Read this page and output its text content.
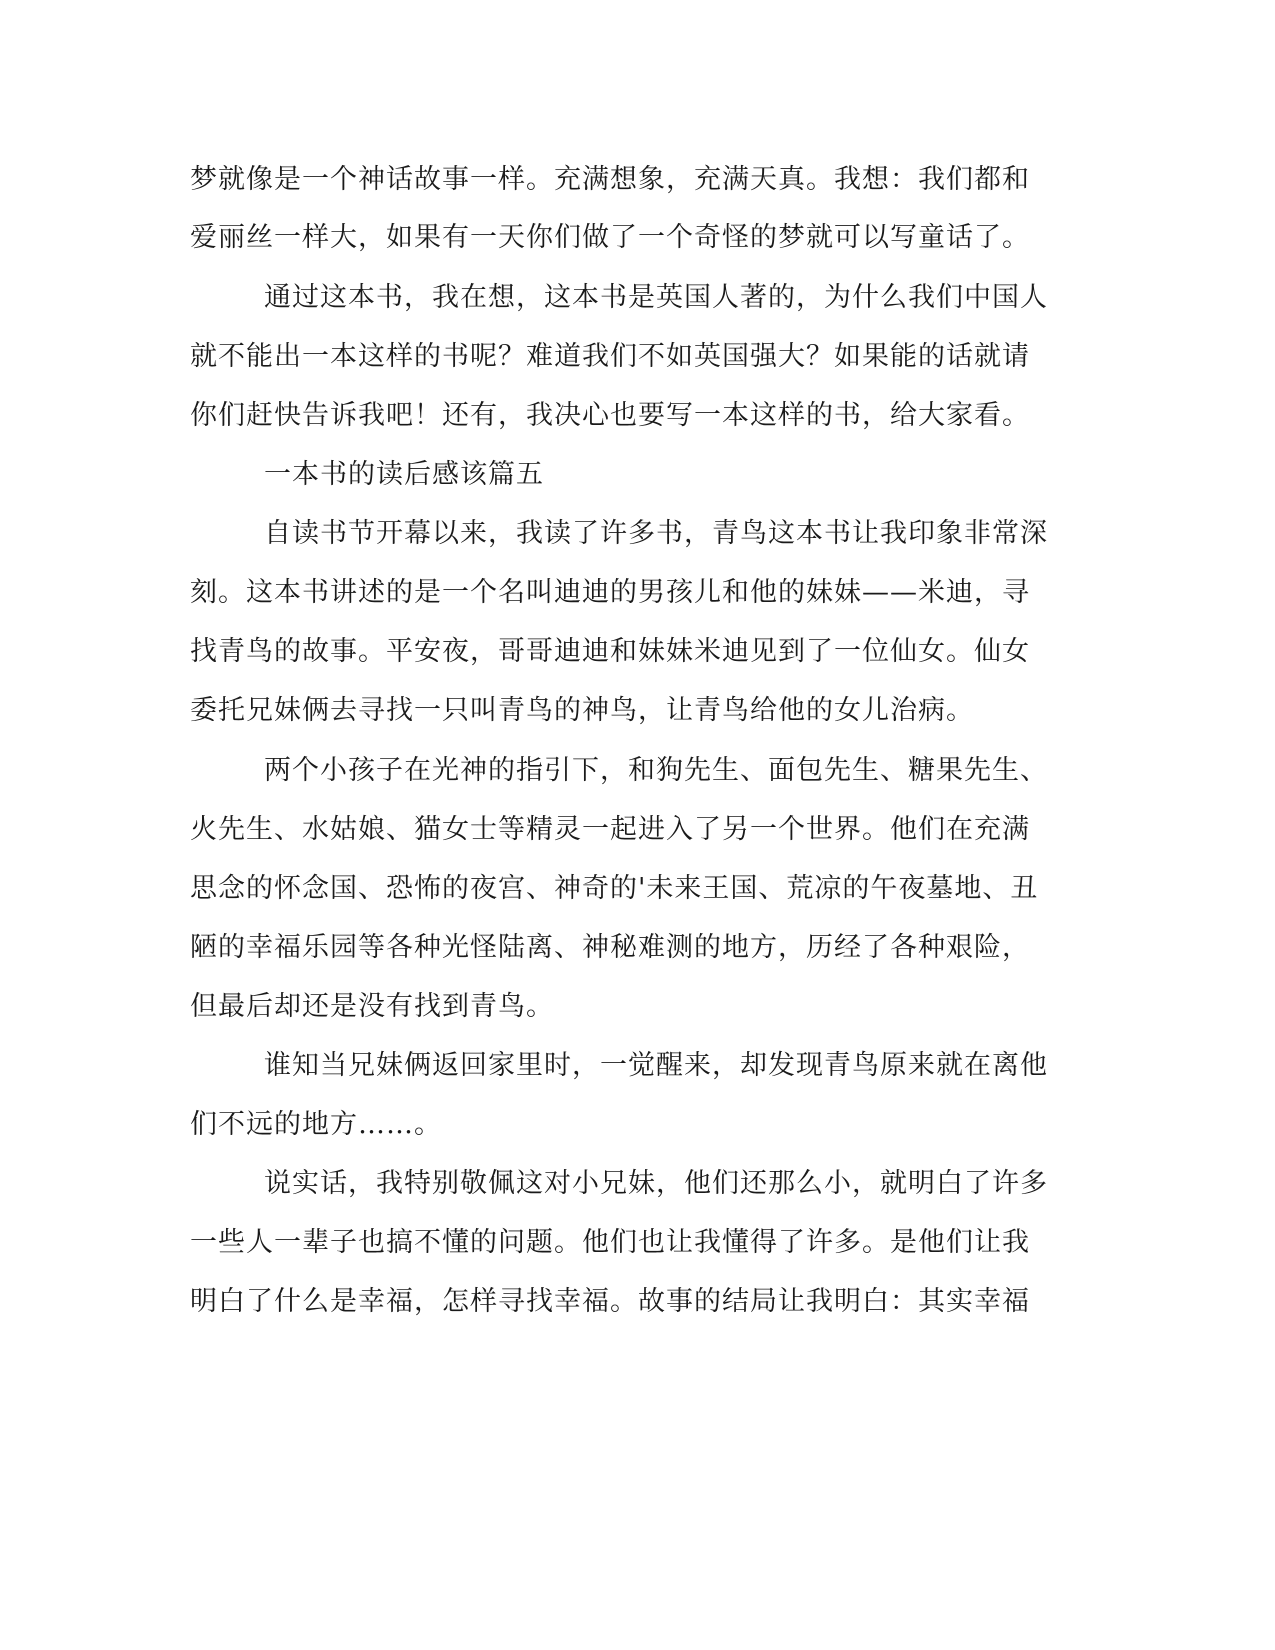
梦就像是一个神话故事一样。充满想象，充满天真。我想：我们都和
爱丽丝一样大，如果有一天你们做了一个奇怪的梦就可以写童话了。
通过这本书，我在想，这本书是英国人著的，为什么我们中国人
就不能出一本这样的书呢？难道我们不如英国强大？如果能的话就请
你们赶快告诉我吧！还有，我决心也要写一本这样的书，给大家看。
一本书的读后感该篇五
自读书节开幕以来，我读了许多书，青鸟这本书让我印象非常深
刻。这本书讲述的是一个名叫迪迪的男孩儿和他的妹妹——米迪，寻
找青鸟的故事。平安夜，哥哥迪迪和妹妹米迪见到了一位仙女。仙女
委托兄妹俩去寻找一只叫青鸟的神鸟，让青鸟给他的女儿治病。
两个小孩子在光神的指引下，和狗先生、面包先生、糖果先生、
火先生、水姑娘、猫女士等精灵一起进入了另一个世界。他们在充满
思念的怀念国、恐怖的夜宫、神奇的'未来王国、荒凉的午夜墓地、丑
陋的幸福乐园等各种光怪陆离、神秘难测的地方，历经了各种艰险，
但最后却还是没有找到青鸟。
谁知当兄妹俩返回家里时，一觉醒来，却发现青鸟原来就在离他
们不远的地方……。
说实话，我特别敬佩这对小兄妹，他们还那么小，就明白了许多
一些人一辈子也搞不懂的问题。他们也让我懂得了许多。是他们让我
明白了什么是幸福，怎样寻找幸福。故事的结局让我明白：其实幸福
